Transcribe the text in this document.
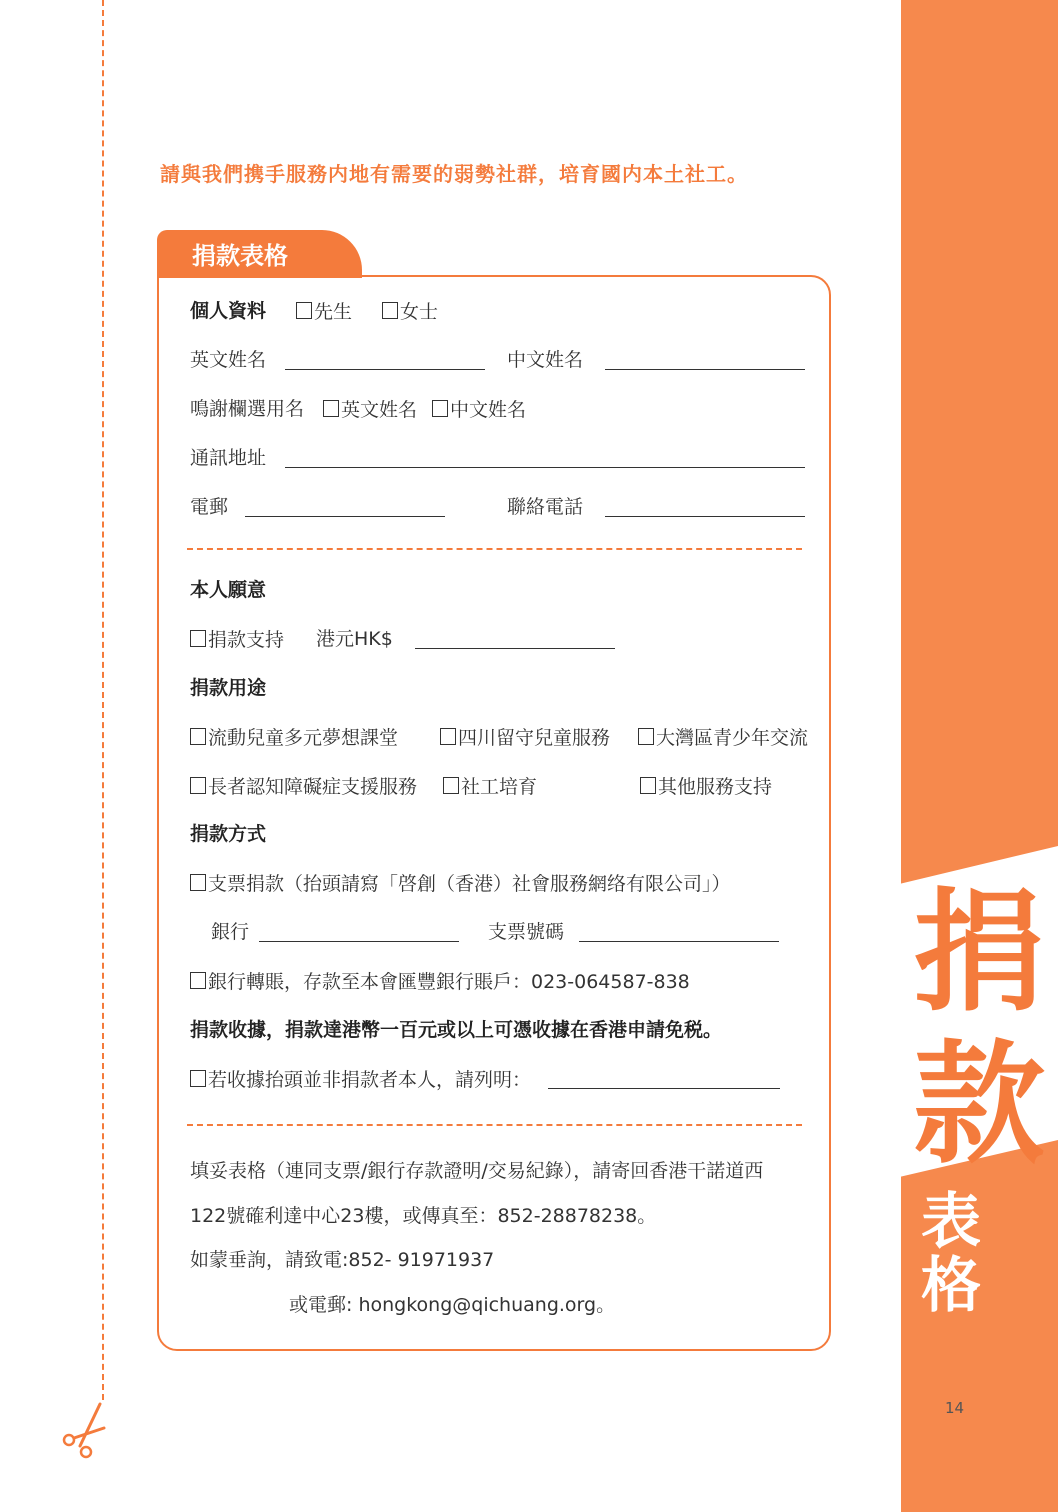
請與我們携手服務内地有需要的弱勢社群，培育國内本土社工。
捐款表格
個人資料	先生	女士
英文姓名	中文姓名
鳴謝欄選用名	英文姓名	中文姓名
通訊地址
電郵	聯絡電話
本人願意
捐款支持 港元HK$
捐款用途
流動兒童多元夢想課堂	四川留守兒童服務	大灣區青少年交流
長者認知障礙症支援服務	社工培育	其他服務支持
捐款方式
支票捐款（抬頭請寫「啓創（香港）社會服務網络有限公司」）
銀行	支票號碼
銀行轉賬，存款至本會匯豐銀行賬戶：023-064587-838
捐款收據，捐款達港幣一百元或以上可憑收據在香港申請免税。
若收據抬頭並非捐款者本人，請列明：
填妥表格（連同支票/銀行存款證明/交易紀錄），請寄回香港干諾道西
122號確利達中心23樓，或傳真至：852-28878238。
如蒙垂詢，請致電:852- 91971937
或電郵: hongkong@qichuang.org。
捐
款
表
格
14
